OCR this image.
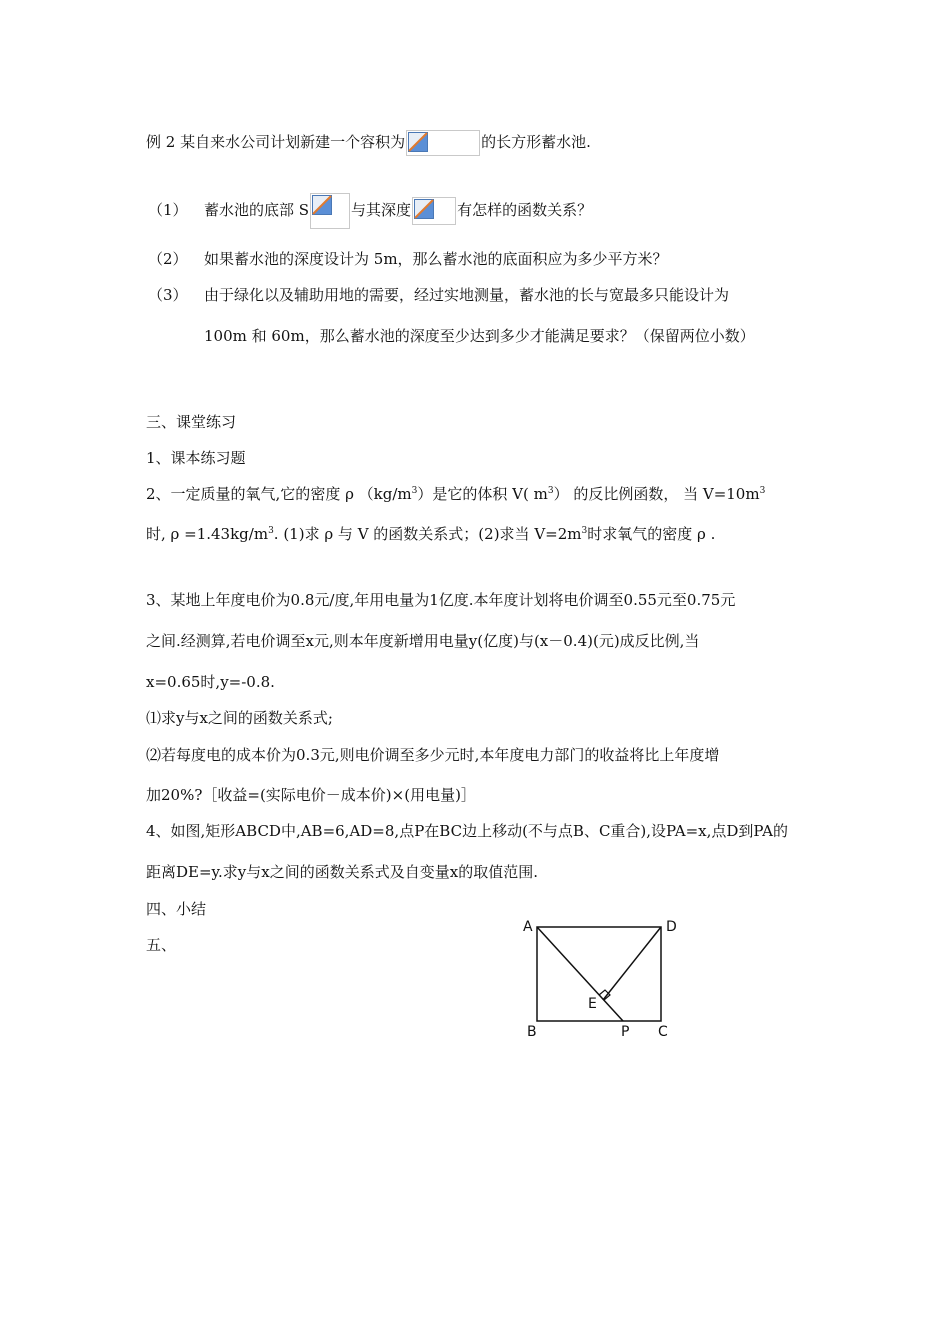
例 2 某自来水公司计划新建一个容积为	的长方形蓄水池.
（1） 蓄水池的底部 S	与其深度	有怎样的函数关系？
（2） 如果蓄水池的深度设计为 5m，那么蓄水池的底面积应为多少平方米？
（3） 由于绿化以及辅助用地的需要，经过实地测量，蓄水池的长与宽最多只能设计为
100m 和 60m，那么蓄水池的深度至少达到多少才能满足要求？（保留两位小数）
三、课堂练习
1、课本练习题
2、一定质量的氧气,它的密度 ρ $(kg/m^3)$是它的体积 V( $m^3$） 的反比例函数， 当 $V=10m^3$
时, $\rho =1.43kg/m^3$. (1)求 ρ 与 V 的函数关系式；(2)求当 $V=2m^3$时求氧气的密度 ρ .
3、某地上年度电价为0.8元/度,年用电量为1亿度.本年度计划将电价调至0.55元至0.75元
之间.经测算,若电价调至x元,则本年度新增用电量y(亿度)与(x－0.4)(元)成反比例,当
x=0.65时,y=-0.8.
⑴求y与x之间的函数关系式;
⑵若每度电的成本价为0.3元,则电价调至多少元时,本年度电力部门的收益将比上年度增
加20%?［收益=(实际电价－成本价)×(用电量)］
4、如图,矩形ABCD中,AB=6,AD=8,点P在BC边上移动(不与点B、C重合),设PA=x,点D到PA的
距离DE=y.求y与x之间的函数关系式及自变量x的取值范围.
四、小结
五、
A	D
E
B	P C
